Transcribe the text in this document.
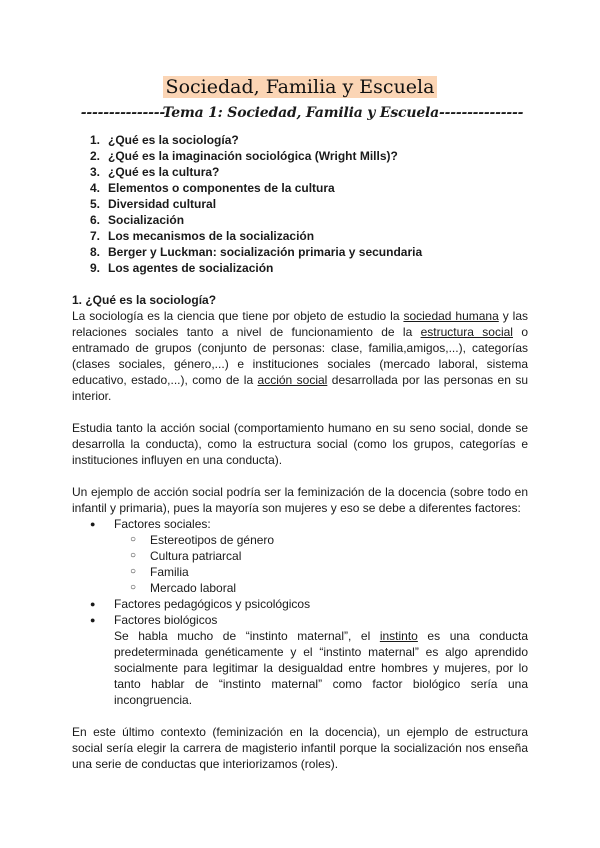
Sociedad, Familia y Escuela
---------------Tema 1: Sociedad, Familia y Escuela---------------
1. ¿Qué es la sociología?
2. ¿Qué es la imaginación sociológica (Wright Mills)?
3. ¿Qué es la cultura?
4. Elementos o componentes de la cultura
5. Diversidad cultural
6. Socialización
7. Los mecanismos de la socialización
8. Berger y Luckman: socialización primaria y secundaria
9. Los agentes de socialización
1. ¿Qué es la sociología?

La sociología es la ciencia que tiene por objeto de estudio la sociedad humana y las relaciones sociales tanto a nivel de funcionamiento de la estructura social o entramado de grupos (conjunto de personas: clase, familia,amigos,...), categorías (clases sociales, género,...) e instituciones sociales (mercado laboral, sistema educativo, estado,...), como de la acción social desarrollada por las personas en su interior.

Estudia tanto la acción social (comportamiento humano en su seno social, donde se desarrolla la conducta), como la estructura social (como los grupos, categorías e instituciones influyen en una conducta).

Un ejemplo de acción social podría ser la feminización de la docencia (sobre todo en infantil y primaria), pues la mayoría son mujeres y eso se debe a diferentes factores:

● Factores sociales:
○ Estereotipos de género
○ Cultura patriarcal
○ Familia
○ Mercado laboral
● Factores pedagógicos y psicológicos
● Factores biológicos
Se habla mucho de “instinto maternal”, el instinto es una conducta predeterminada genéticamente y el “instinto maternal” es algo aprendido socialmente para legitimar la desigualdad entre hombres y mujeres, por lo tanto hablar de “instinto maternal” como factor biológico sería una incongruencia.

En este último contexto (feminización en la docencia), un ejemplo de estructura social sería elegir la carrera de magisterio infantil porque la socialización nos enseña una serie de conductas que interiorizamos (roles).
